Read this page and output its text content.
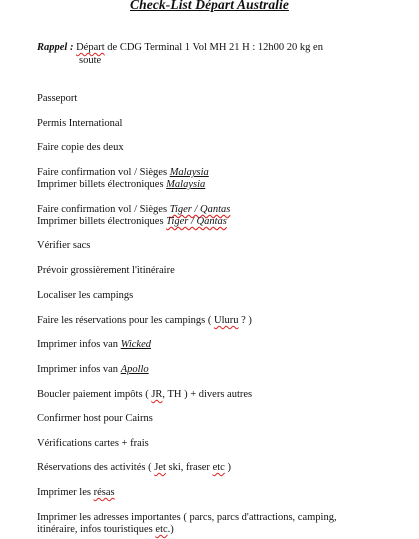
Check-List Départ Australie
Rappel : Départ de CDG Terminal 1 Vol MH 21 H : 12h00 20 kg en
soute
Passeport
Permis International
Faire copie des deux
Faire confirmation vol / Sièges Malaysia
Imprimer billets électroniques Malaysia
Faire confirmation vol / Sièges Tiger / Qantas
Imprimer billets électroniques Tiger / Qantas
Vérifier sacs
Prévoir grossièrement l'itinéraire
Localiser les campings
Faire les réservations pour les campings ( Uluru ? )
Imprimer infos van Wicked
Imprimer infos van Apollo
Boucler paiement impôts ( JR, TH ) + divers autres
Confirmer host pour Cairns
Vérifications cartes + frais
Réservations des activités ( Jet ski, fraser etc )
Imprimer les résas
Imprimer les adresses importantes ( parcs, parcs d'attractions, camping,
itinéraire, infos touristiques etc.)
